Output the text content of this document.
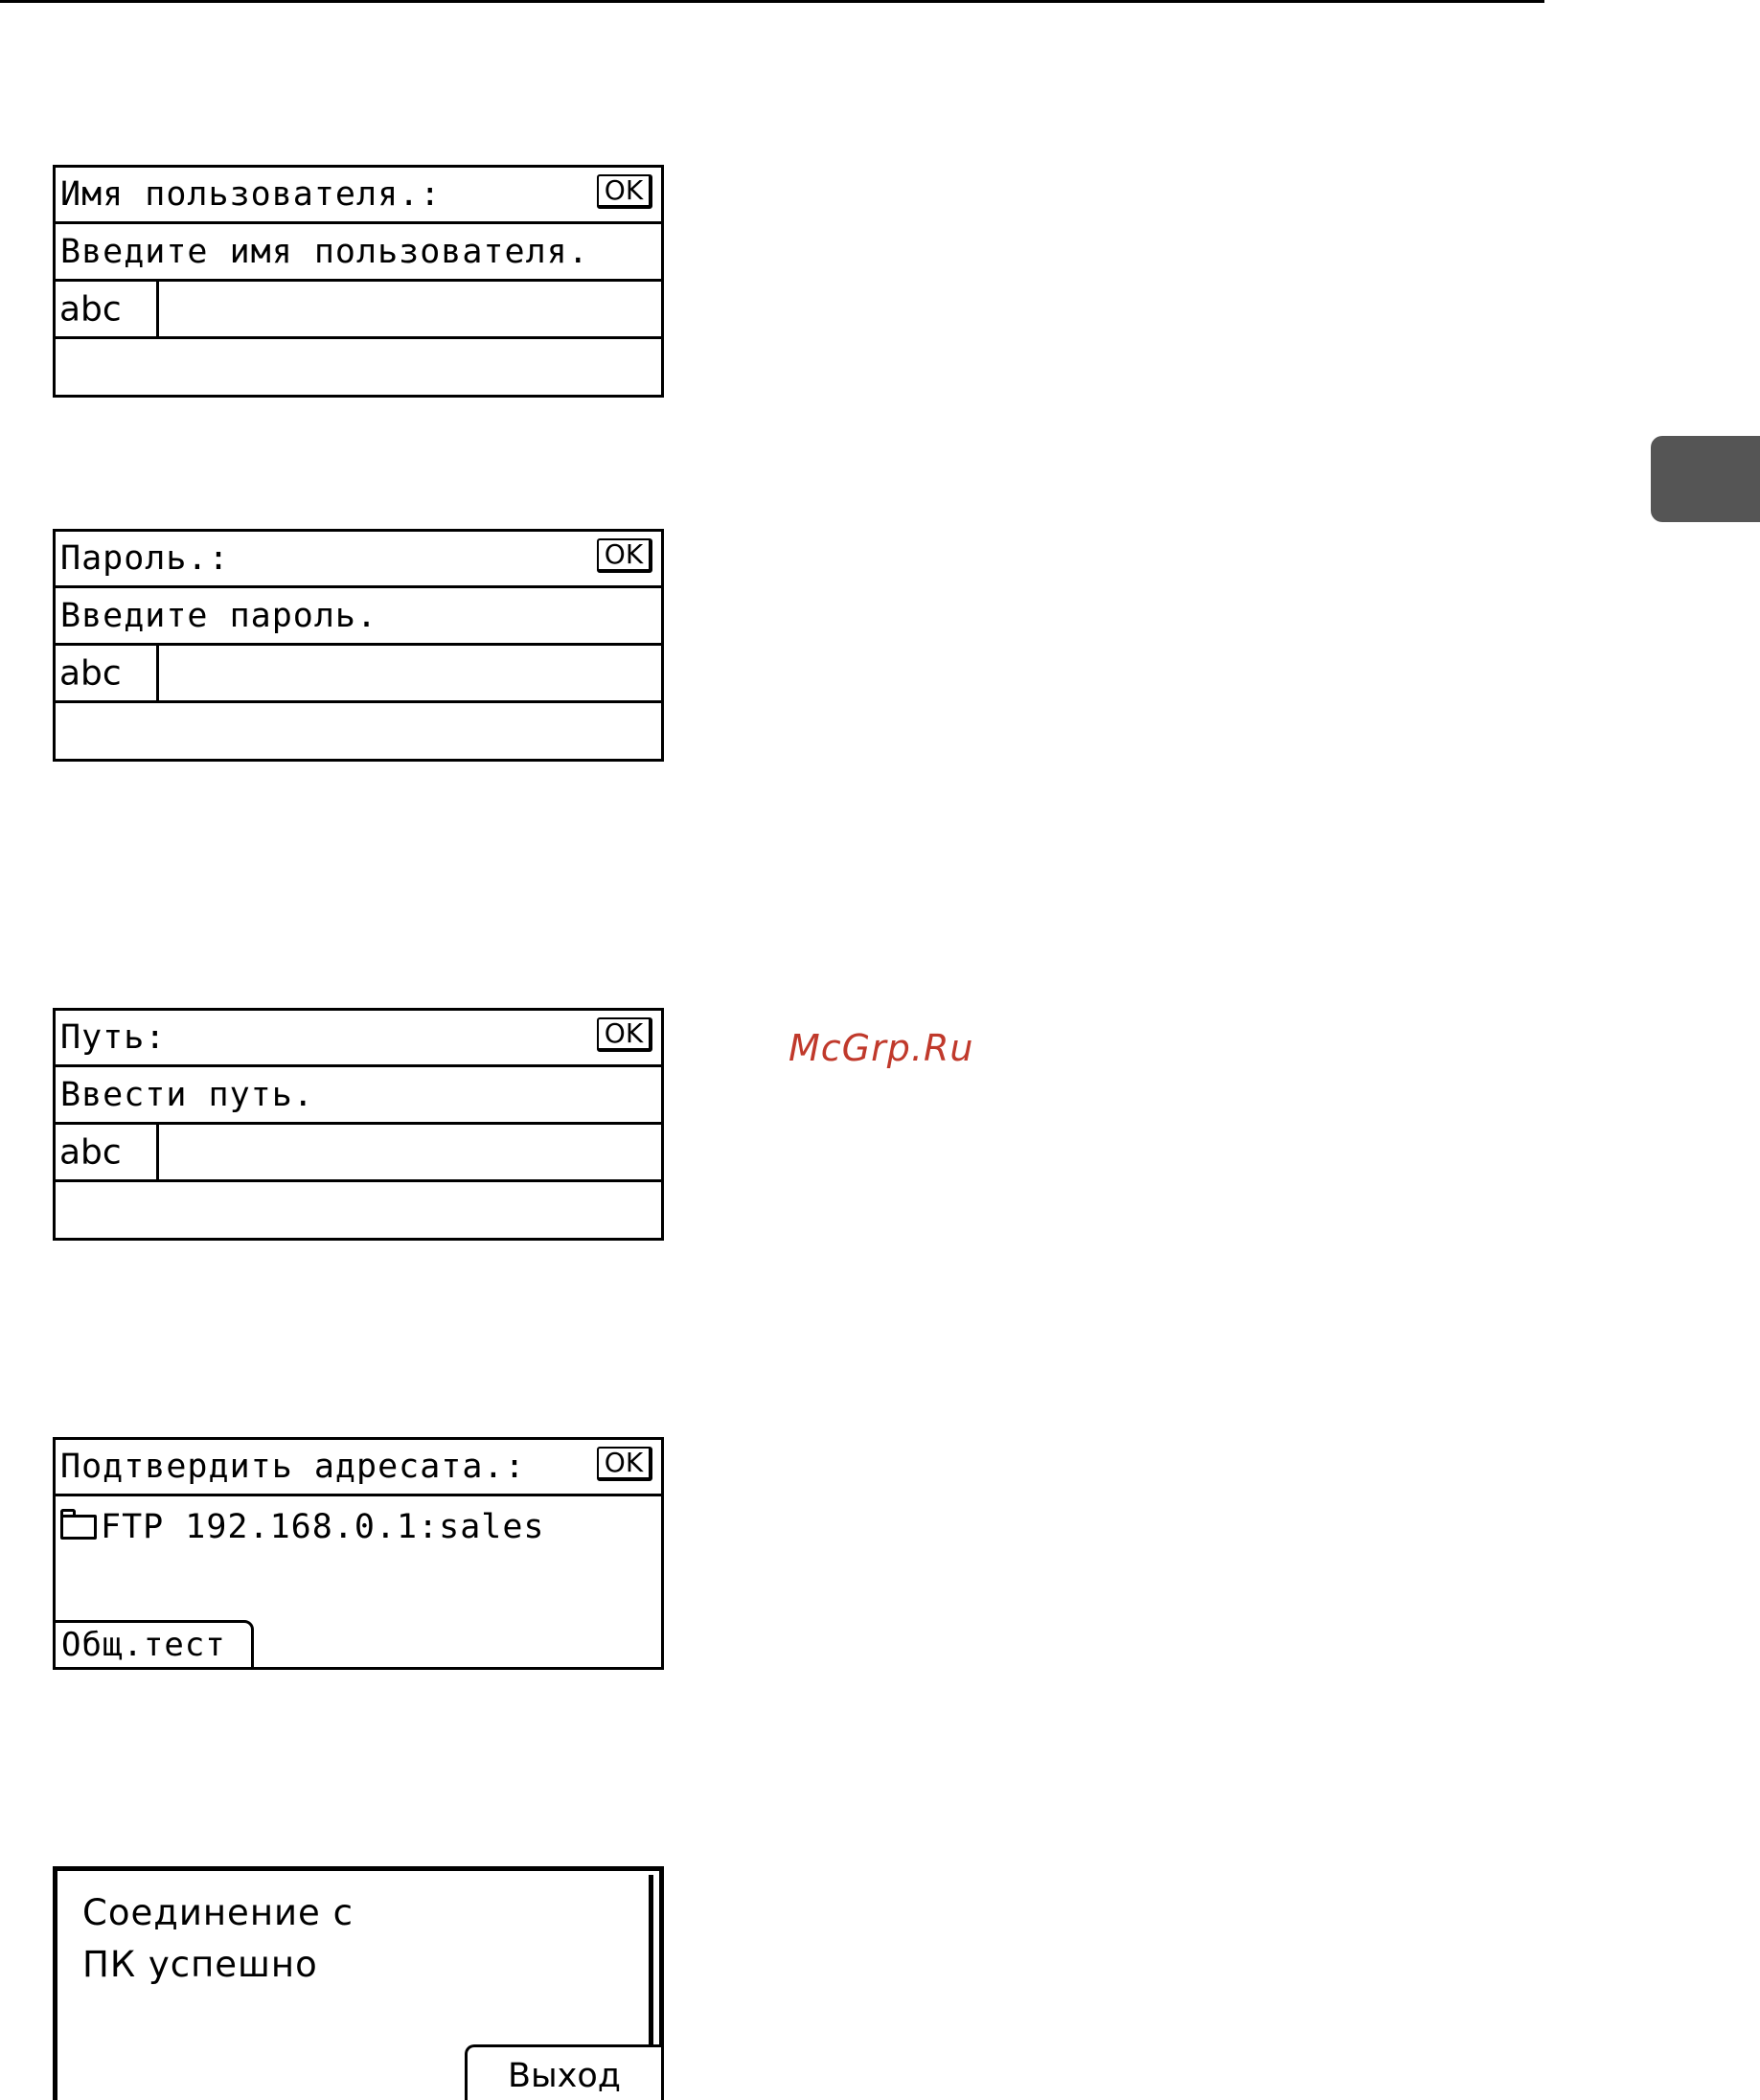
McGrp.Ru
Имя пользователя.:	OK
Введите имя пользователя.
abc
Пароль.:	OK
Введите пароль.
abc
Путь:	OK
Ввести путь.
abc
Подтвердить адресата.:	OK
FTP 192.168.0.1:sales
Общ.тест
Соединение с
ПК успешно
Выход
